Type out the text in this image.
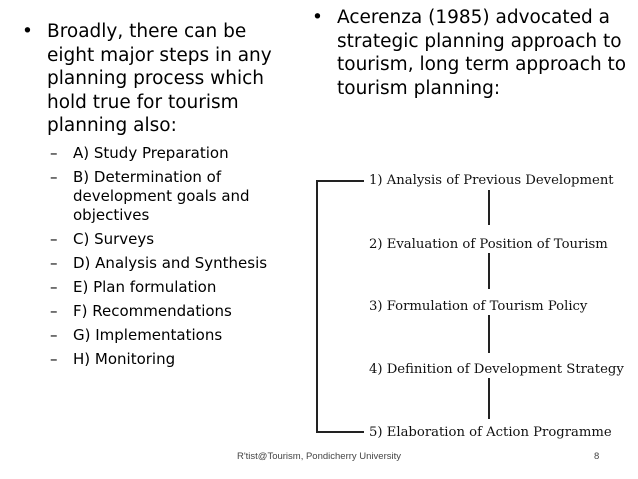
• Broadly, there can be eight major steps in any planning process which hold true for tourism planning also:
– A) Study Preparation
– B) Determination of development goals and objectives
– C) Surveys
– D) Analysis and Synthesis
– E) Plan formulation
– F) Recommendations
– G) Implementations
– H) Monitoring
• Acerenza (1985) advocated a strategic planning approach to tourism, long term approach to tourism planning:
1) Analysis of Previous Development
2) Evaluation of Position of Tourism
3) Formulation of Tourism Policy
4) Definition of Development Strategy
5) Elaboration of Action Programme
R'tist@Tourism, Pondicherry University	8
